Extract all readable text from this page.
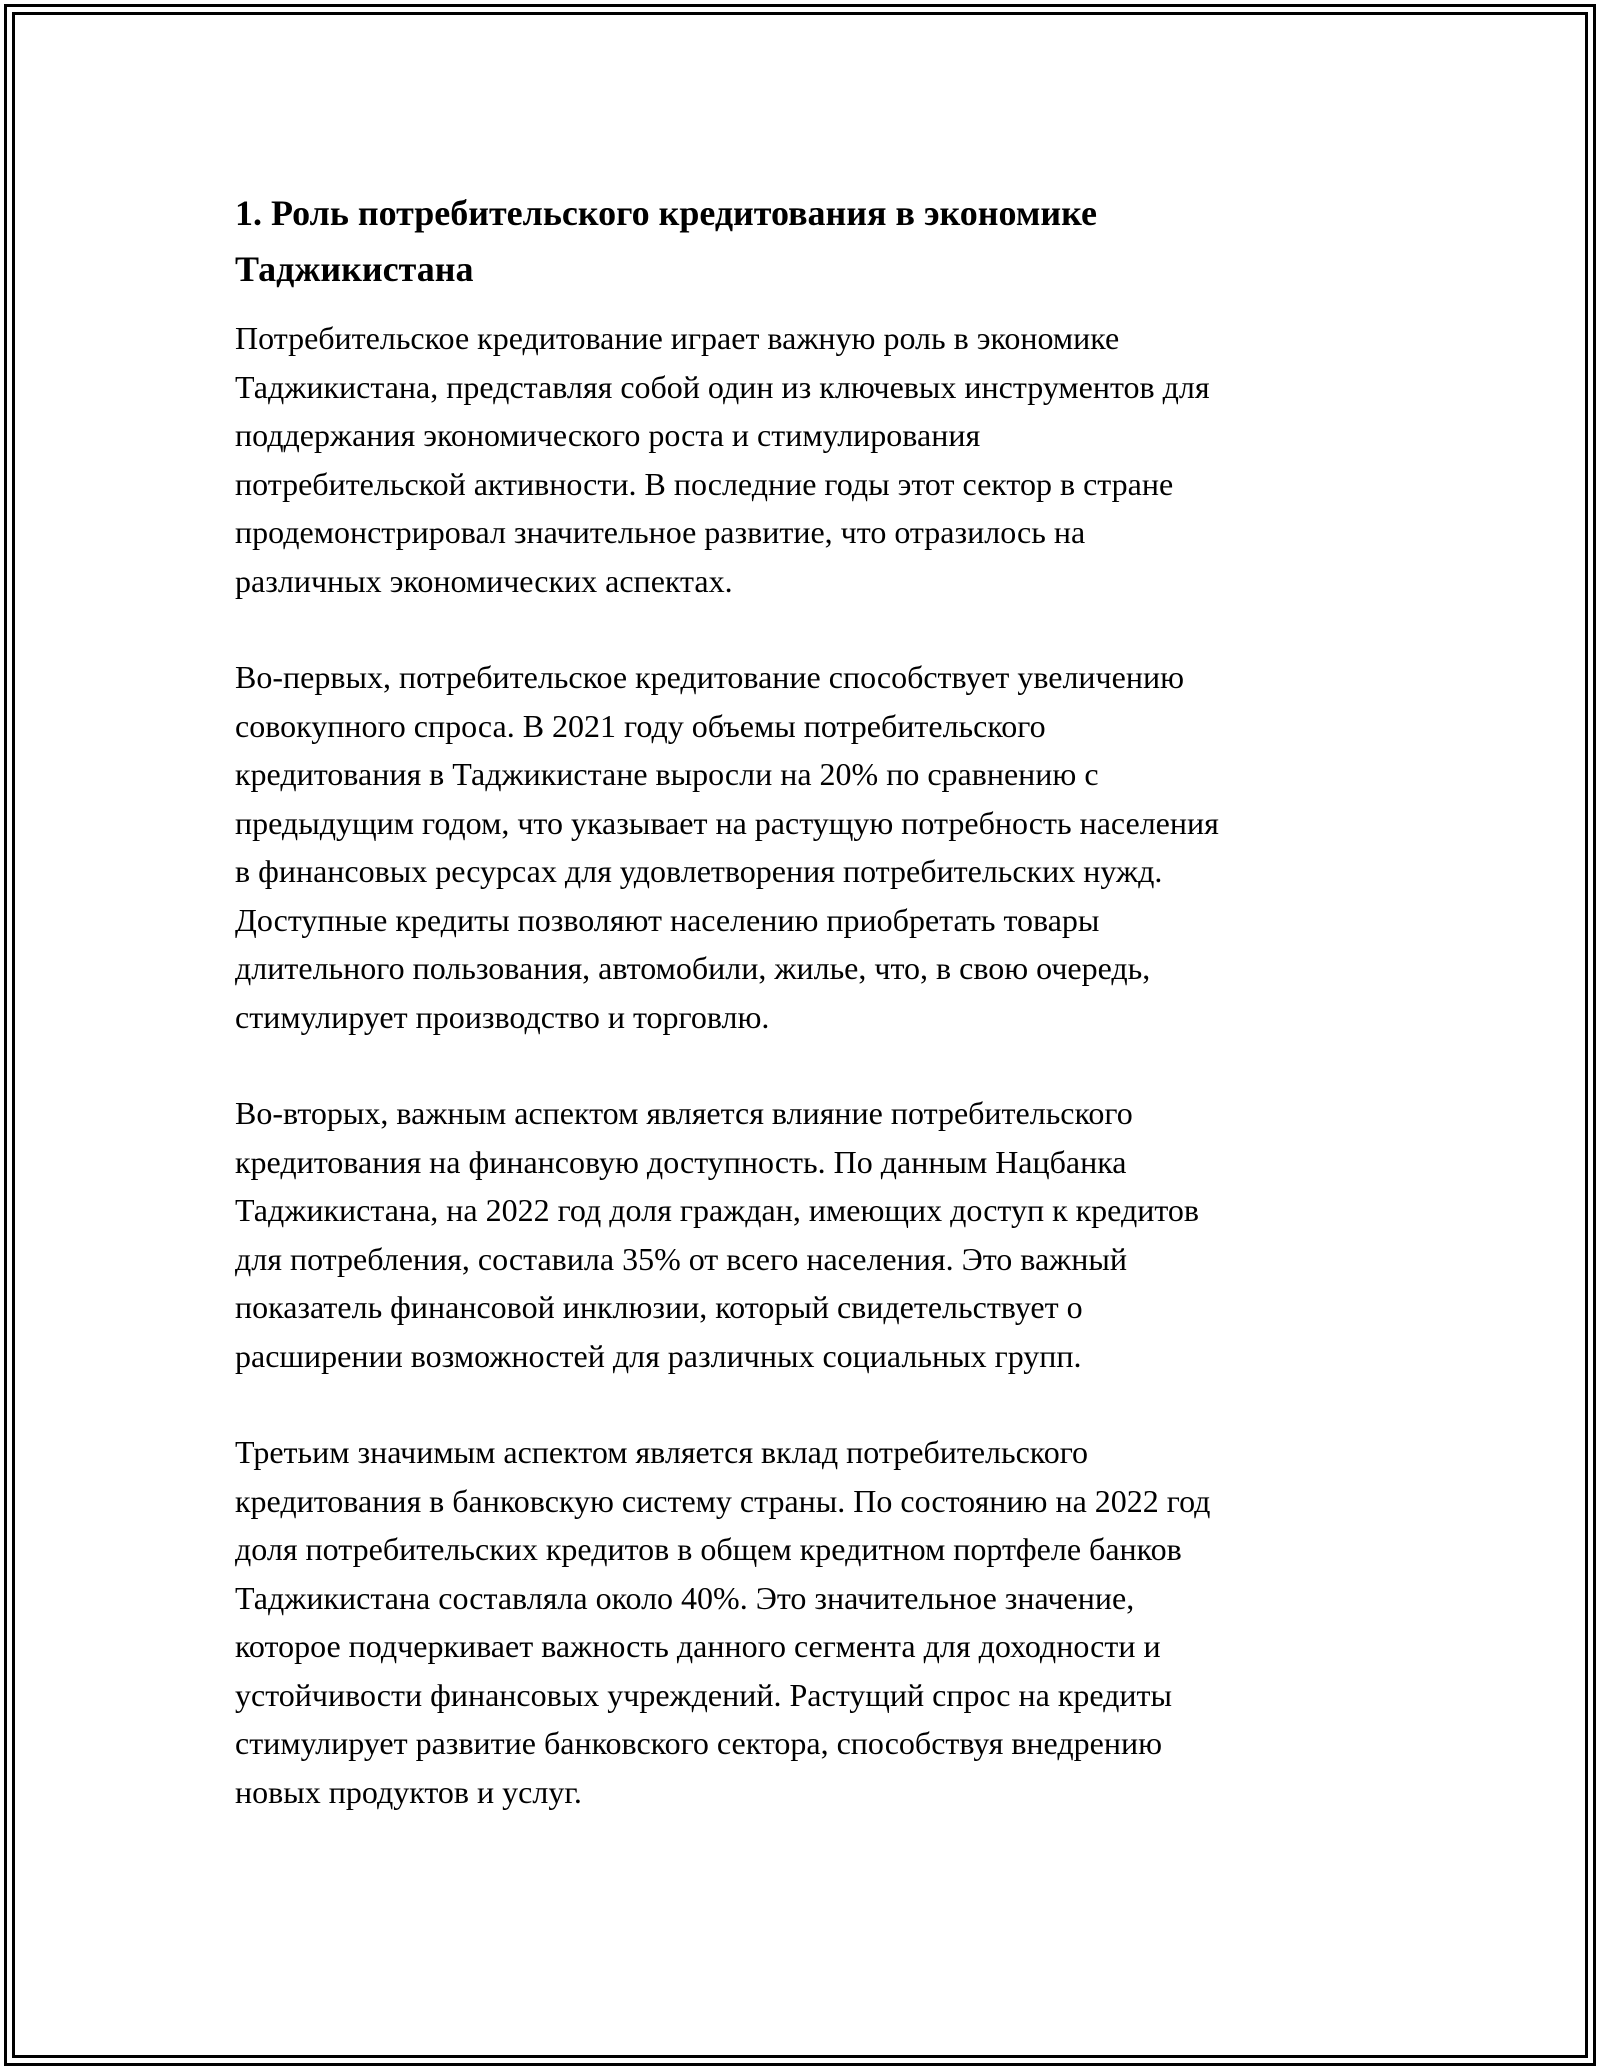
1. Роль потребительского кредитования в экономике
Таджикистана

Потребительское кредитование играет важную роль в экономике
Таджикистана, представляя собой один из ключевых инструментов для
поддержания экономического роста и стимулирования
потребительской активности. В последние годы этот сектор в стране
продемонстрировал значительное развитие, что отразилось на
различных экономических аспектах.

Во-первых, потребительское кредитование способствует увеличению
совокупного спроса. В 2021 году объемы потребительского
кредитования в Таджикистане выросли на 20% по сравнению с
предыдущим годом, что указывает на растущую потребность населения
в финансовых ресурсах для удовлетворения потребительских нужд.
Доступные кредиты позволяют населению приобретать товары
длительного пользования, автомобили, жилье, что, в свою очередь,
стимулирует производство и торговлю.

Во-вторых, важным аспектом является влияние потребительского
кредитования на финансовую доступность. По данным Нацбанка
Таджикистана, на 2022 год доля граждан, имеющих доступ к кредитов
для потребления, составила 35% от всего населения. Это важный
показатель финансовой инклюзии, который свидетельствует о
расширении возможностей для различных социальных групп.

Третьим значимым аспектом является вклад потребительского
кредитования в банковскую систему страны. По состоянию на 2022 год
доля потребительских кредитов в общем кредитном портфеле банков
Таджикистана составляла около 40%. Это значительное значение,
которое подчеркивает важность данного сегмента для доходности и
устойчивости финансовых учреждений. Растущий спрос на кредиты
стимулирует развитие банковского сектора, способствуя внедрению
новых продуктов и услуг.
